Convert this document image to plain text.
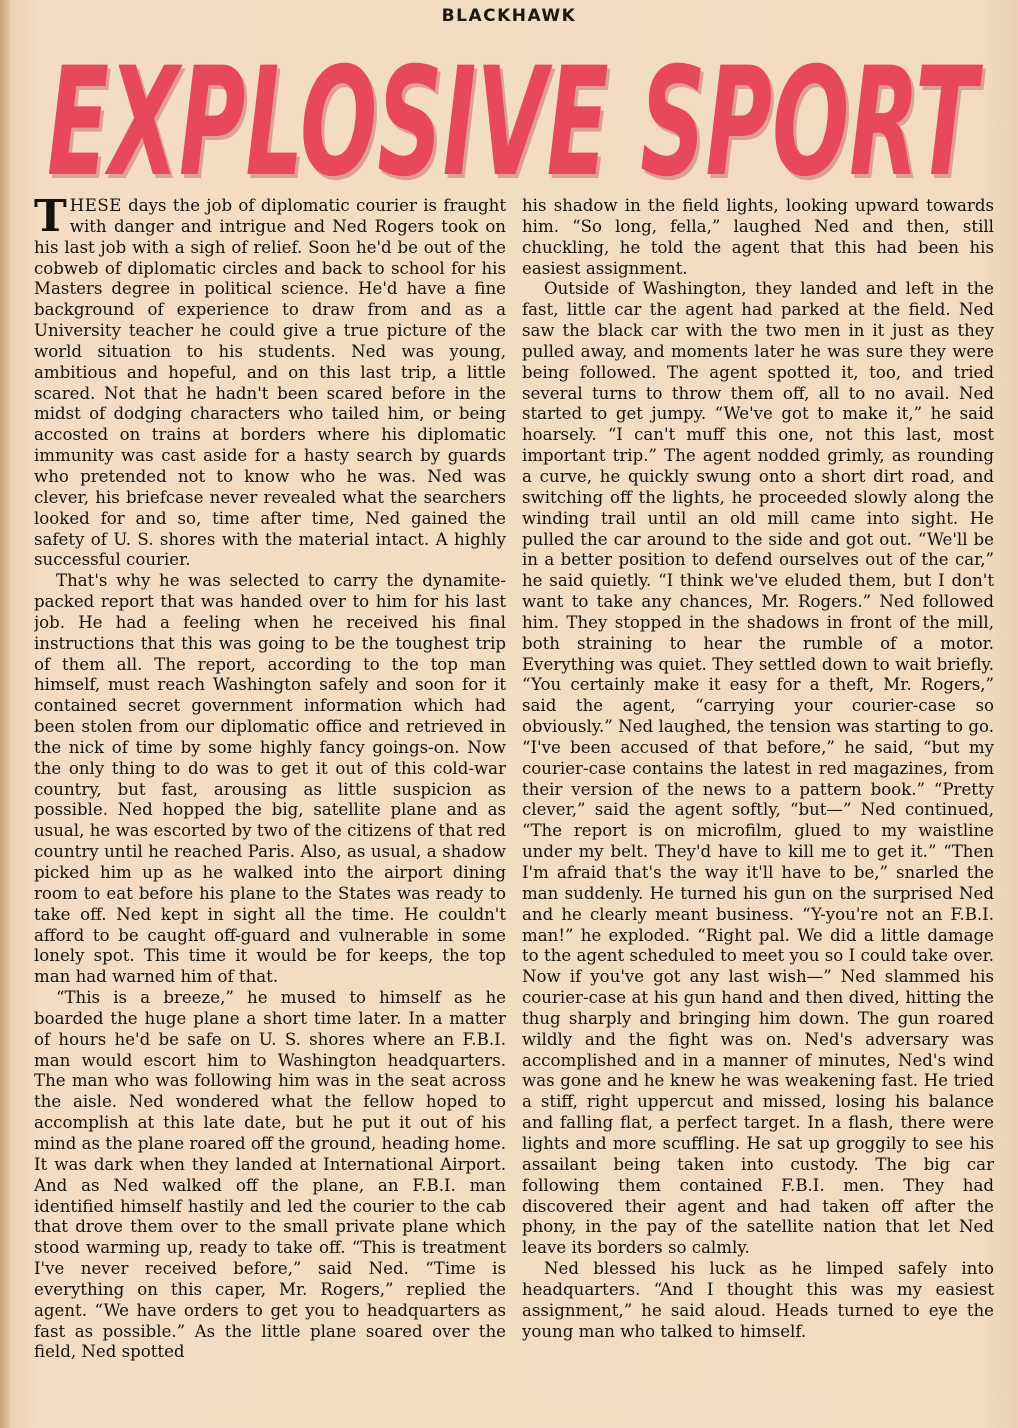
BLACKHAWK
EXPLOSIVE SPORT
EXPLOSIVE SPORT

THESE days the job of diplomatic courier is fraught with danger and intrigue and Ned Rogers took on his last job with a sigh of relief. Soon he'd be out of the cobweb of diplomatic circles and back to school for his Masters degree in political science. He'd have a fine background of experience to draw from and as a University teacher he could give a true picture of the world situation to his students. Ned was young, ambitious and hopeful, and on this last trip, a little scared. Not that he hadn't been scared before in the midst of dodging characters who tailed him, or being accosted on trains at borders where his diplomatic immunity was cast aside for a hasty search by guards who pretended not to know who he was. Ned was clever, his briefcase never revealed what the searchers looked for and so, time after time, Ned gained the safety of U. S. shores with the material intact. A highly successful courier.

That's why he was selected to carry the dynamite-packed report that was handed over to him for his last job. He had a feeling when he received his final instructions that this was going to be the toughest trip of them all. The report, according to the top man himself, must reach Washington safely and soon for it contained secret government information which had been stolen from our diplomatic office and retrieved in the nick of time by some highly fancy goings-on. Now the only thing to do was to get it out of this cold-war country, but fast, arousing as little suspicion as possible. Ned hopped the big, satellite plane and as usual, he was escorted by two of the citizens of that red country until he reached Paris. Also, as usual, a shadow picked him up as he walked into the airport dining room to eat before his plane to the States was ready to take off. Ned kept in sight all the time. He couldn't afford to be caught off-guard and vulnerable in some lonely spot. This time it would be for keeps, the top man had warned him of that.

“This is a breeze,” he mused to himself as he boarded the huge plane a short time later. In a matter of hours he'd be safe on U. S. shores where an F.B.I. man would escort him to Washington headquarters. The man who was following him was in the seat across the aisle. Ned wondered what the fellow hoped to accomplish at this late date, but he put it out of his mind as the plane roared off the ground, heading home. It was dark when they landed at International Airport. And as Ned walked off the plane, an F.B.I. man identified himself hastily and led the courier to the cab that drove them over to the small private plane which stood warming up, ready to take off. “This is treatment I've never received before,” said Ned. “Time is everything on this caper, Mr. Rogers,” replied the agent. “We have orders to get you to headquarters as fast as possible.” As the little plane soared over the field, Ned spotted

his shadow in the field lights, looking upward towards him. “So long, fella,” laughed Ned and then, still chuckling, he told the agent that this had been his easiest assignment.

Outside of Washington, they landed and left in the fast, little car the agent had parked at the field. Ned saw the black car with the two men in it just as they pulled away, and moments later he was sure they were being followed. The agent spotted it, too, and tried several turns to throw them off, all to no avail. Ned started to get jumpy. “We've got to make it,” he said hoarsely. “I can't muff this one, not this last, most important trip.” The agent nodded grimly, as rounding a curve, he quickly swung onto a short dirt road, and switching off the lights, he proceeded slowly along the winding trail until an old mill came into sight. He pulled the car around to the side and got out. “We'll be in a better position to defend ourselves out of the car,” he said quietly. “I think we've eluded them, but I don't want to take any chances, Mr. Rogers.” Ned followed him. They stopped in the shadows in front of the mill, both straining to hear the rumble of a motor. Everything was quiet. They settled down to wait briefly. “You certainly make it easy for a theft, Mr. Rogers,” said the agent, “carrying your courier-case so obviously.” Ned laughed, the tension was starting to go. “I've been accused of that before,” he said, “but my courier-case contains the latest in red magazines, from their version of the news to a pattern book.” “Pretty clever,” said the agent softly, “but—” Ned continued, “The report is on microfilm, glued to my waistline under my belt. They'd have to kill me to get it.” “Then I'm afraid that's the way it'll have to be,” snarled the man suddenly. He turned his gun on the surprised Ned and he clearly meant business. “Y-you're not an F.B.I. man!” he exploded. “Right pal. We did a little damage to the agent scheduled to meet you so I could take over. Now if you've got any last wish—” Ned slammed his courier-case at his gun hand and then dived, hitting the thug sharply and bringing him down. The gun roared wildly and the fight was on. Ned's adversary was accomplished and in a manner of minutes, Ned's wind was gone and he knew he was weakening fast. He tried a stiff, right uppercut and missed, losing his balance and falling flat, a perfect target. In a flash, there were lights and more scuffling. He sat up groggily to see his assailant being taken into custody. The big car following them contained F.B.I. men. They had discovered their agent and had taken off after the phony, in the pay of the satellite nation that let Ned leave its borders so calmly.

Ned blessed his luck as he limped safely into headquarters. “And I thought this was my easiest assignment,” he said aloud. Heads turned to eye the young man who talked to himself.
